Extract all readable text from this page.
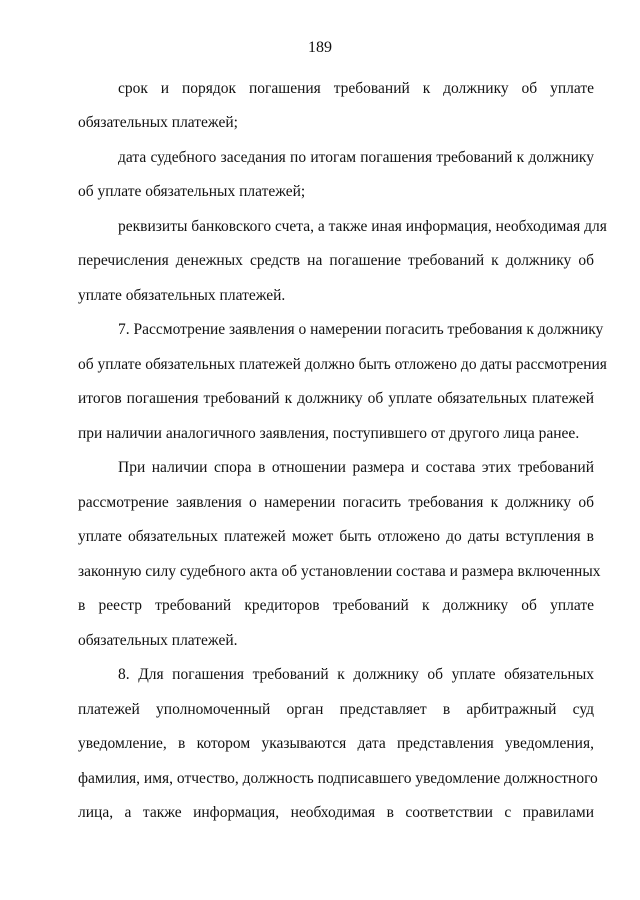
189
срок и порядок погашения требований к должнику об уплате
обязательных платежей;
дата судебного заседания по итогам погашения требований к должнику
об уплате обязательных платежей;
реквизиты банковского счета, а также иная информация, необходимая для
перечисления денежных средств на погашение требований к должнику об
уплате обязательных платежей.
7. Рассмотрение заявления о намерении погасить требования к должнику
об уплате обязательных платежей должно быть отложено до даты рассмотрения
итогов погашения требований к должнику об уплате обязательных платежей
при наличии аналогичного заявления, поступившего от другого лица ранее.
При наличии спора в отношении размера и состава этих требований
рассмотрение заявления о намерении погасить требования к должнику об
уплате обязательных платежей может быть отложено до даты вступления в
законную силу судебного акта об установлении состава и размера включенных
в реестр требований кредиторов требований к должнику об уплате
обязательных платежей.
8. Для погашения требований к должнику об уплате обязательных
платежей уполномоченный орган представляет в арбитражный суд
уведомление, в котором указываются дата представления уведомления,
фамилия, имя, отчество, должность подписавшего уведомление должностного
лица, а также информация, необходимая в соответствии с правилами
